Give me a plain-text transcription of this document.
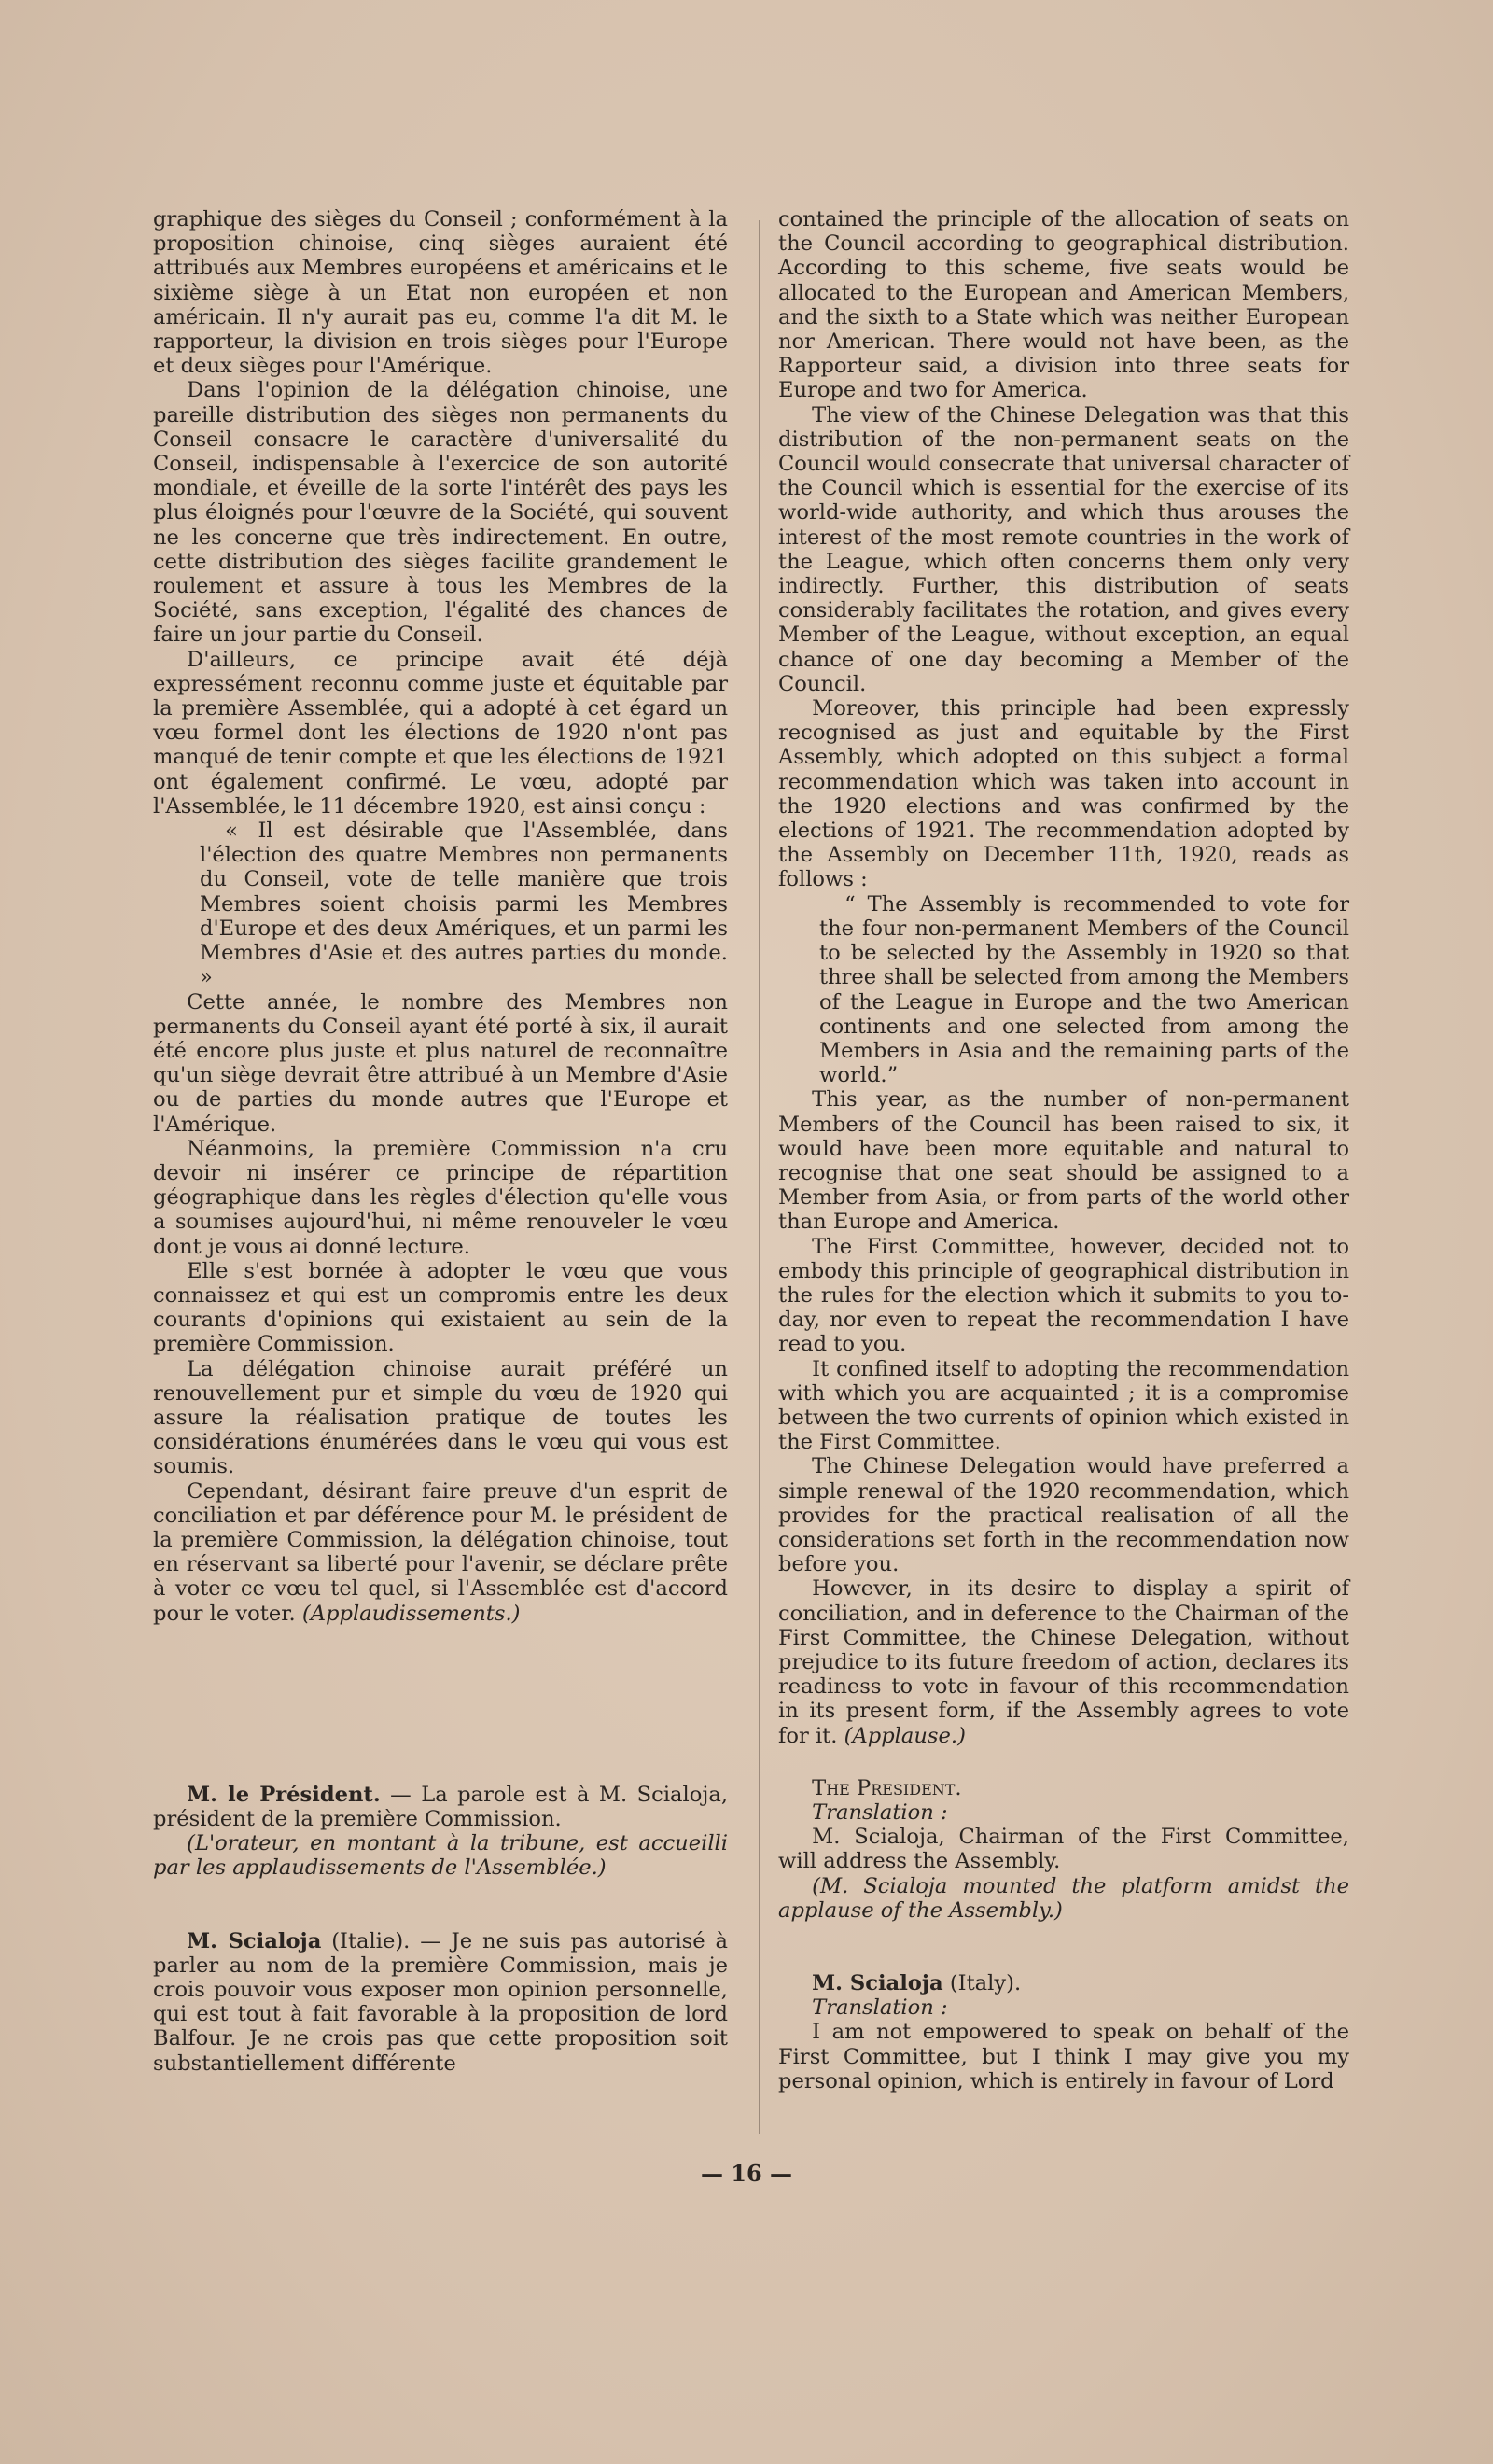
graphique des sièges du Conseil ; conformément à la proposition chinoise, cinq sièges auraient été attribués aux Membres européens et américains et le sixième siège à un Etat non européen et non américain. Il n'y aurait pas eu, comme l'a dit M. le rapporteur, la division en trois sièges pour l'Europe et deux sièges pour l'Amérique.

Dans l'opinion de la délégation chinoise, une pareille distribution des sièges non permanents du Conseil consacre le caractère d'universalité du Conseil, indispensable à l'exercice de son autorité mondiale, et éveille de la sorte l'intérêt des pays les plus éloignés pour l'œuvre de la Société, qui souvent ne les concerne que très indirectement. En outre, cette distribution des sièges facilite grandement le roulement et assure à tous les Membres de la Société, sans exception, l'égalité des chances de faire un jour partie du Conseil.

D'ailleurs, ce principe avait été déjà expressément reconnu comme juste et équitable par la première Assemblée, qui a adopté à cet égard un vœu formel dont les élections de 1920 n'ont pas manqué de tenir compte et que les élections de 1921 ont également confirmé. Le vœu, adopté par l'Assemblée, le 11 décembre 1920, est ainsi conçu :

« Il est désirable que l'Assemblée, dans l'élection des quatre Membres non permanents du Conseil, vote de telle manière que trois Membres soient choisis parmi les Membres d'Europe et des deux Amériques, et un parmi les Membres d'Asie et des autres parties du monde. »

Cette année, le nombre des Membres non permanents du Conseil ayant été porté à six, il aurait été encore plus juste et plus naturel de reconnaître qu'un siège devrait être attribué à un Membre d'Asie ou de parties du monde autres que l'Europe et l'Amérique.

Néanmoins, la première Commission n'a cru devoir ni insérer ce principe de répartition géographique dans les règles d'élection qu'elle vous a soumises aujourd'hui, ni même renouveler le vœu dont je vous ai donné lecture.

Elle s'est bornée à adopter le vœu que vous connaissez et qui est un compromis entre les deux courants d'opinions qui existaient au sein de la première Commission.

La délégation chinoise aurait préféré un renouvellement pur et simple du vœu de 1920 qui assure la réalisation pratique de toutes les considérations énumérées dans le vœu qui vous est soumis.

Cependant, désirant faire preuve d'un esprit de conciliation et par déférence pour M. le président de la première Commission, la délégation chinoise, tout en réservant sa liberté pour l'avenir, se déclare prête à voter ce vœu tel quel, si l'Assemblée est d'accord pour le voter. (Applaudissements.)

M. le Président. — La parole est à M. Scialoja, président de la première Commission.

(L'orateur, en montant à la tribune, est accueilli par les applaudissements de l'Assemblée.)

M. Scialoja (Italie). — Je ne suis pas autorisé à parler au nom de la première Commission, mais je crois pouvoir vous exposer mon opinion personnelle, qui est tout à fait favorable à la proposition de lord Balfour. Je ne crois pas que cette proposition soit substantiellement différente

contained the principle of the allocation of seats on the Council according to geographical distribution. According to this scheme, five seats would be allocated to the European and American Members, and the sixth to a State which was neither European nor American. There would not have been, as the Rapporteur said, a division into three seats for Europe and two for America.

The view of the Chinese Delegation was that this distribution of the non-permanent seats on the Council would consecrate that universal character of the Council which is essential for the exercise of its world-wide authority, and which thus arouses the interest of the most remote countries in the work of the League, which often concerns them only very indirectly. Further, this distribution of seats considerably facilitates the rotation, and gives every Member of the League, without exception, an equal chance of one day becoming a Member of the Council.

Moreover, this principle had been expressly recognised as just and equitable by the First Assembly, which adopted on this subject a formal recommendation which was taken into account in the 1920 elections and was confirmed by the elections of 1921. The recommendation adopted by the Assembly on December 11th, 1920, reads as follows :

“ The Assembly is recommended to vote for the four non-permanent Members of the Council to be selected by the Assembly in 1920 so that three shall be selected from among the Members of the League in Europe and the two American continents and one selected from among the Members in Asia and the remaining parts of the world.”

This year, as the number of non-permanent Members of the Council has been raised to six, it would have been more equitable and natural to recognise that one seat should be assigned to a Member from Asia, or from parts of the world other than Europe and America.

The First Committee, however, decided not to embody this principle of geographical distribution in the rules for the election which it submits to you to-day, nor even to repeat the recommendation I have read to you.

It confined itself to adopting the recommendation with which you are acquainted ; it is a compromise between the two currents of opinion which existed in the First Committee.

The Chinese Delegation would have preferred a simple renewal of the 1920 recommendation, which provides for the practical realisation of all the considerations set forth in the recommendation now before you.

However, in its desire to display a spirit of conciliation, and in deference to the Chairman of the First Committee, the Chinese Delegation, without prejudice to its future freedom of action, declares its readiness to vote in favour of this recommendation in its present form, if the Assembly agrees to vote for it. (Applause.)

The President.

Translation :

M. Scialoja, Chairman of the First Committee, will address the Assembly.

(M. Scialoja mounted the platform amidst the applause of the Assembly.)

M. Scialoja (Italy).

Translation :

I am not empowered to speak on behalf of the First Committee, but I think I may give you my personal opinion, which is entirely in favour of Lord

— 16 —
